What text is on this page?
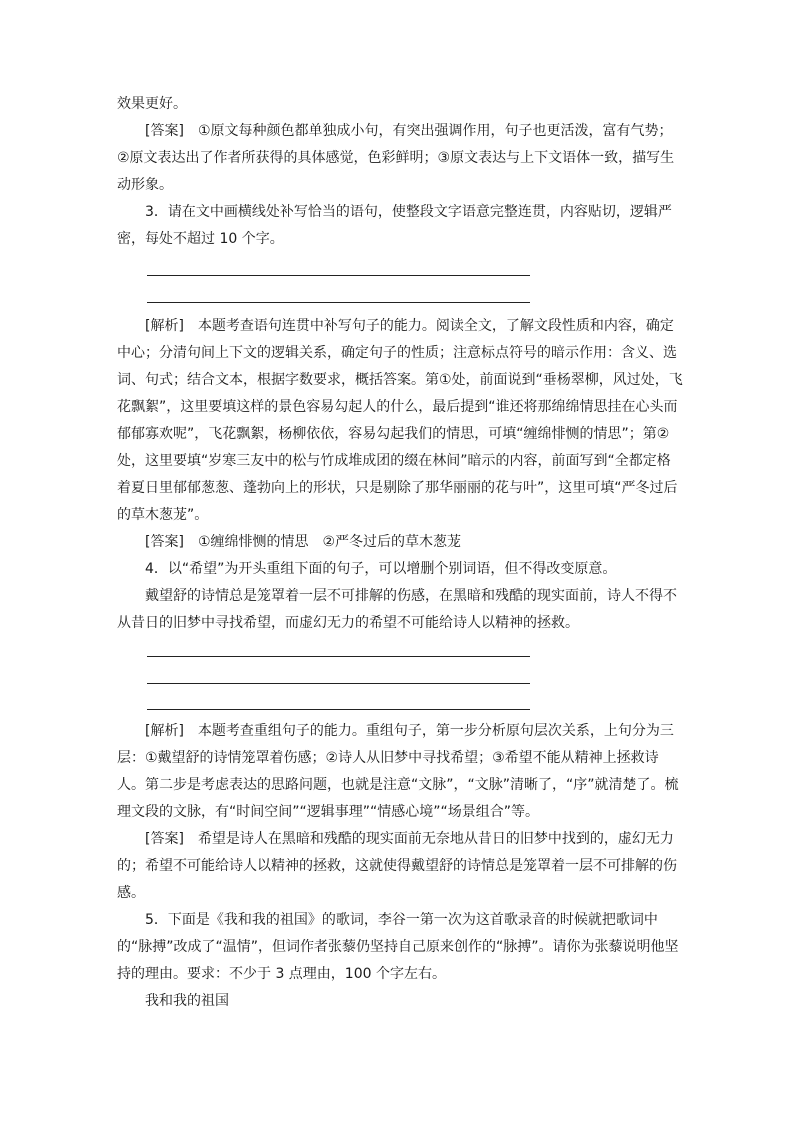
效果更好。

[答案]　 ①原文每种颜色都单独成小句，有突出强调作用，句子也更活泼，富有气势；②原文表达出了作者所获得的具体感觉，色彩鲜明；③原文表达与上下文语体一致，描写生动形象。

3．请在文中画横线处补写恰当的语句，使整段文字语意完整连贯，内容贴切，逻辑严密，每处不超过 10 个字。

[解析]　 本题考查语句连贯中补写句子的能力。阅读全文，了解文段性质和内容，确定中心；分清句间上下文的逻辑关系，确定句子的性质；注意标点符号的暗示作用：含义、选词、句式；结合文本，根据字数要求，概括答案。第①处，前面说到“垂杨翠柳，风过处，飞花飘絮”，这里要填这样的景色容易勾起人的什么，最后提到“谁还将那绵绵情思挂在心头而郁郁寡欢呢”，飞花飘絮，杨柳依依，容易勾起我们的情思，可填“缠绵悱恻的情思”；第②处，这里要填“岁寒三友中的松与竹成堆成团的缀在林间”暗示的内容，前面写到“全都定格着夏日里郁郁葱葱、蓬勃向上的形状，只是剔除了那华丽丽的花与叶”，这里可填“严冬过后的草木葱茏”。

[答案]　 ①缠绵悱恻的情思　②严冬过后的草木葱茏

4．以“希望”为开头重组下面的句子，可以增删个别词语，但不得改变原意。

戴望舒的诗情总是笼罩着一层不可排解的伤感，在黑暗和残酷的现实面前，诗人不得不从昔日的旧梦中寻找希望，而虚幻无力的希望不可能给诗人以精神的拯救。

[解析]　 本题考查重组句子的能力。重组句子，第一步分析原句层次关系，上句分为三层：①戴望舒的诗情笼罩着伤感；②诗人从旧梦中寻找希望；③希望不能从精神上拯救诗人。第二步是考虑表达的思路问题，也就是注意“文脉”，“文脉”清晰了，“序”就清楚了。梳理文段的文脉，有“时间空间”“逻辑事理”“情感心境”“场景组合”等。

[答案]　 希望是诗人在黑暗和残酷的现实面前无奈地从昔日的旧梦中找到的，虚幻无力的；希望不可能给诗人以精神的拯救，这就使得戴望舒的诗情总是笼罩着一层不可排解的伤感。

5．下面是《我和我的祖国》的歌词，李谷一第一次为这首歌录音的时候就把歌词中的“脉搏”改成了“温情”，但词作者张藜仍坚持自己原来创作的“脉搏”。请你为张藜说明他坚持的理由。要求：不少于 3 点理由，100 个字左右。

我和我的祖国
